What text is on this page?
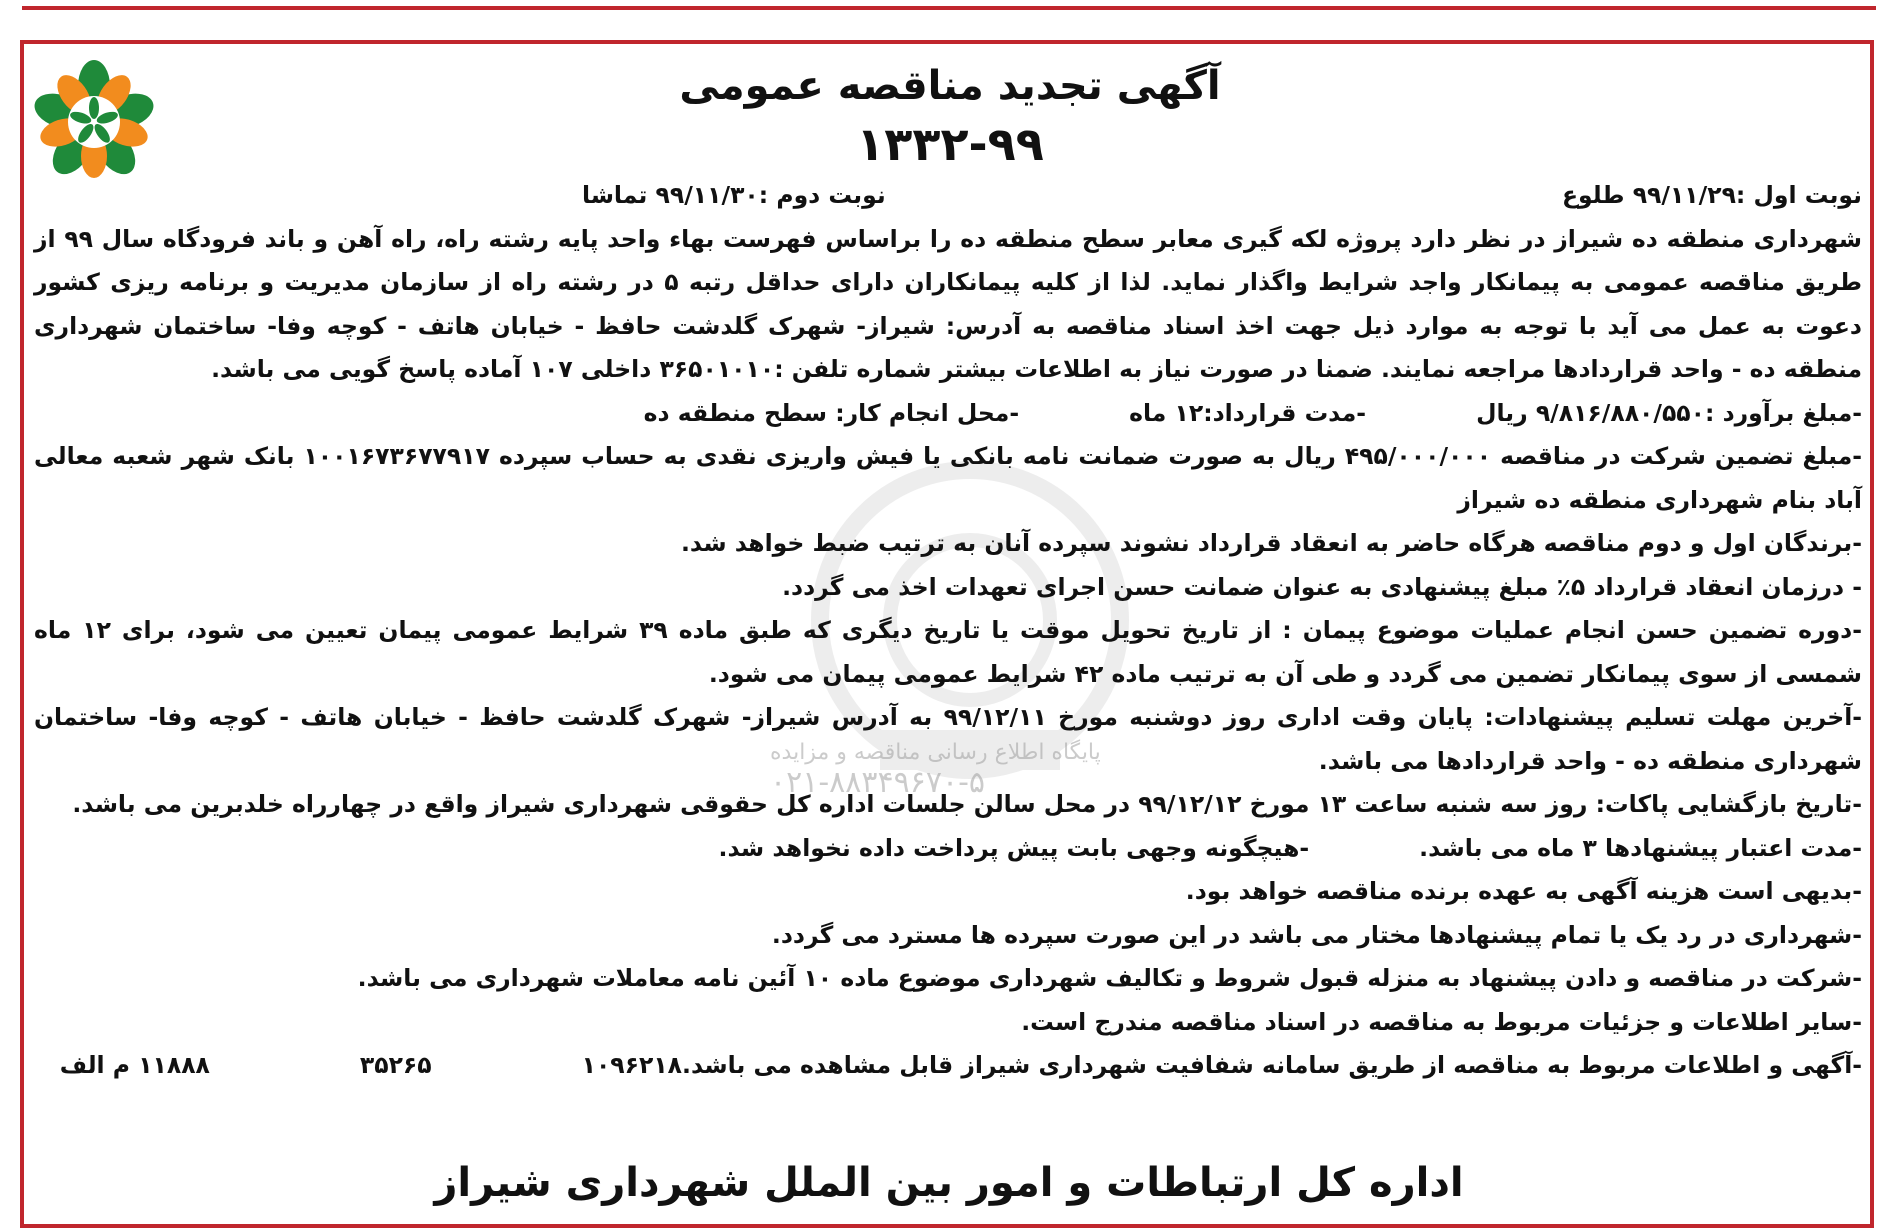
پایگاه اطلاع رسانی مناقصه و مزایده
۰۲۱-۸۸۳۴۹۶۷۰-۵
آگهی تجدید مناقصه عمومی
۱۳۳۲-۹۹
نوبت اول :۹۹/۱۱/۲۹ طلوع
نوبت دوم :۹۹/۱۱/۳۰ تماشا
شهرداری منطقه ده شیراز در نظر دارد پروژه لکه گیری معابر سطح منطقه ده را براساس فهرست بهاء واحد پایه رشته راه، راه آهن و باند فرودگاه سال ۹۹ از طریق مناقصه عمومی به پیمانکار واجد شرایط واگذار نماید. لذا از کلیه پیمانکاران دارای حداقل رتبه ۵ در رشته راه از سازمان مدیریت و برنامه ریزی کشور دعوت به عمل می آید با توجه به موارد ذیل جهت اخذ اسناد مناقصه به آدرس: شیراز- شهرک گلدشت حافظ - خیابان هاتف - کوچه وفا- ساختمان شهرداری منطقه ده - واحد قراردادها مراجعه نمایند. ضمنا در صورت نیاز به اطلاعات بیشتر شماره تلفن :۳۶۵۰۱۰۱۰ داخلی ۱۰۷ آماده پاسخ گویی می باشد.
-مبلغ برآورد :۹/۸۱۶/۸۸۰/۵۵۰ ریال-مدت قرارداد:۱۲ ماه-محل انجام کار: سطح منطقه ده
-مبلغ تضمین شرکت در مناقصه ۴۹۵/۰۰۰/۰۰۰ ریال به صورت ضمانت نامه بانکی یا فیش واریزی نقدی به حساب سپرده ۱۰۰۱۶۷۳۶۷۷۹۱۷ بانک شهر شعبه معالی آباد بنام شهرداری منطقه ده شیراز
-برندگان اول و دوم مناقصه هرگاه حاضر به انعقاد قرارداد نشوند سپرده آنان به ترتیب ضبط خواهد شد.
- درزمان انعقاد قرارداد ۵٪ مبلغ پیشنهادی به عنوان ضمانت حسن اجرای تعهدات اخذ می گردد.
-دوره تضمین حسن انجام عملیات موضوع پیمان : از تاریخ تحویل موقت یا تاریخ دیگری که طبق ماده ۳۹ شرایط عمومی پیمان تعیین می شود، برای ۱۲ ماه شمسی از سوی پیمانکار تضمین می گردد و طی آن به ترتیب ماده ۴۲ شرایط عمومی پیمان می شود.
-آخرین مهلت تسلیم پیشنهادات: پایان وقت اداری روز دوشنبه مورخ ۹۹/۱۲/۱۱ به آدرس شیراز- شهرک گلدشت حافظ - خیابان هاتف - کوچه وفا- ساختمان شهرداری منطقه ده - واحد قراردادها می باشد.
-تاریخ بازگشایی پاکات: روز سه شنبه ساعت ۱۳ مورخ ۹۹/۱۲/۱۲ در محل سالن جلسات اداره کل حقوقی شهرداری شیراز واقع در چهارراه خلدبرین می باشد.
-مدت اعتبار پیشنهادها ۳ ماه می باشد.-هیچگونه وجهی بابت پیش پرداخت داده نخواهد شد.
-بدیهی است هزینه آگهی به عهده برنده مناقصه خواهد بود.
-شهرداری در رد یک یا تمام پیشنهادها مختار می باشد در این صورت سپرده ها مسترد می گردد.
-شرکت در مناقصه و دادن پیشنهاد به منزله قبول شروط و تکالیف شهرداری موضوع ماده ۱۰ آئین نامه معاملات شهرداری می باشد.
-سایر اطلاعات و جزئیات مربوط به مناقصه در اسناد مناقصه مندرج است.
-آگهی و اطلاعات مربوط به مناقصه از طریق سامانه شفافیت شهرداری شیراز قابل مشاهده می باشد.
۱۰۹۶۲۱۸
۳۵۲۶۵
۱۱۸۸۸ م الف
اداره کل ارتباطات و امور بین الملل شهرداری شیراز
